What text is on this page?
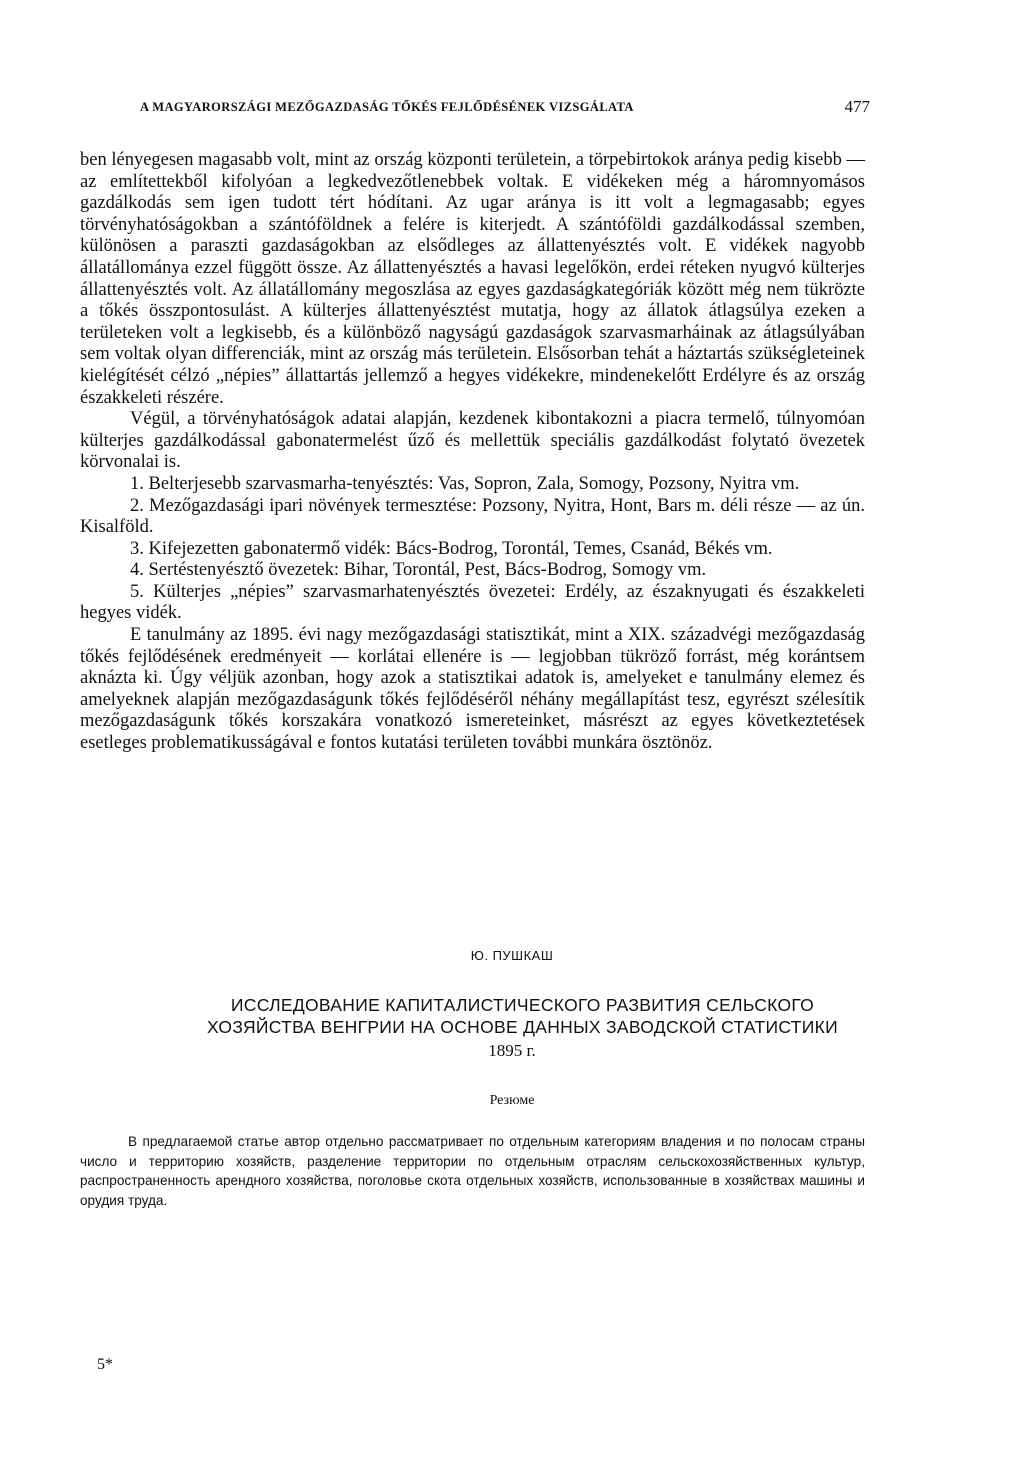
A MAGYARORSZÁGI MEZŐGAZDASÁG TŐKÉS FEJLŐDÉSÉNEK VIZSGÁLATA	477

ben lényegesen magasabb volt, mint az ország központi területein, a törpebirtokok aránya pedig kisebb — az említettekből kifolyóan a legkedvezőtlenebbek voltak. E vidékeken még a háromnyomásos gazdálkodás sem igen tudott tért hódítani. Az ugar aránya is itt volt a legmagasabb; egyes törvényhatóságokban a szántóföldnek a felére is kiterjedt. A szántóföldi gazdálkodással szemben, különösen a paraszti gazdaságokban az elsődleges az állattenyésztés volt. E vidékek nagyobb állatállománya ezzel függött össze. Az állattenyésztés a havasi legelőkön, erdei réteken nyugvó külterjes állattenyésztés volt. Az állatállomány megoszlása az egyes gazdaságkategóriák között még nem tükrözte a tőkés összpontosulást. A külterjes állattenyésztést mutatja, hogy az állatok átlagsúlya ezeken a területeken volt a legkisebb, és a különböző nagyságú gazdaságok szarvasmarháinak az átlagsúlyában sem voltak olyan differenciák, mint az ország más területein. Elsősorban tehát a háztartás szükségleteinek kielégítését célzó „népies” állattartás jellemző a hegyes vidékekre, mindenekelőtt Erdélyre és az ország északkeleti részére.

Végül, a törvényhatóságok adatai alapján, kezdenek kibontakozni a piacra termelő, túlnyomóan külterjes gazdálkodással gabonatermelést űző és mellettük speciális gazdálkodást folytató övezetek körvonalai is.

1. Belterjesebb szarvasmarha-tenyésztés: Vas, Sopron, Zala, Somogy, Pozsony, Nyitra vm.

2. Mezőgazdasági ipari növények termesztése: Pozsony, Nyitra, Hont, Bars m. déli része — az ún. Kisalföld.

3. Kifejezetten gabonatermő vidék: Bács-Bodrog, Torontál, Temes, Csanád, Békés vm.

4. Sertéstenyésztő övezetek: Bihar, Torontál, Pest, Bács-Bodrog, Somogy vm.

5. Külterjes „népies” szarvasmarhatenyésztés övezetei: Erdély, az északnyugati és északkeleti hegyes vidék.

E tanulmány az 1895. évi nagy mezőgazdasági statisztikát, mint a XIX. századvégi mezőgazdaság tőkés fejlődésének eredményeit — korlátai ellenére is — legjobban tükröző forrást, még korántsem aknázta ki. Úgy véljük azonban, hogy azok a statisztikai adatok is, amelyeket e tanulmány elemez és amelyeknek alapján mezőgazdaságunk tőkés fejlődéséről néhány megállapítást tesz, egyrészt szélesítik mezőgazdaságunk tőkés korszakára vonatkozó ismereteinket, másrészt az egyes következtetések esetleges problematikusságával e fontos kutatási területen további munkára ösztönöz.

Ю. ПУШКАШ
ИССЛЕДОВАНИЕ КАПИТАЛИСТИЧЕСКОГО РАЗВИТИЯ СЕЛЬСКОГО
ХОЗЯЙСТВА ВЕНГРИИ НА ОСНОВЕ ДАННЫХ ЗАВОДСКОЙ СТАТИСТИКИ
1895 г.
Резюме

В предлагаемой статье автор отдельно рассматривает по отдельным категориям владения и по полосам страны число и территорию хозяйств, разделение территории по отдельным отраслям сельскохозяйственных культур, распространенность арендного хозяйства, поголовье скота отдельных хозяйств, использованные в хозяйствах машины и орудия труда.

5*
